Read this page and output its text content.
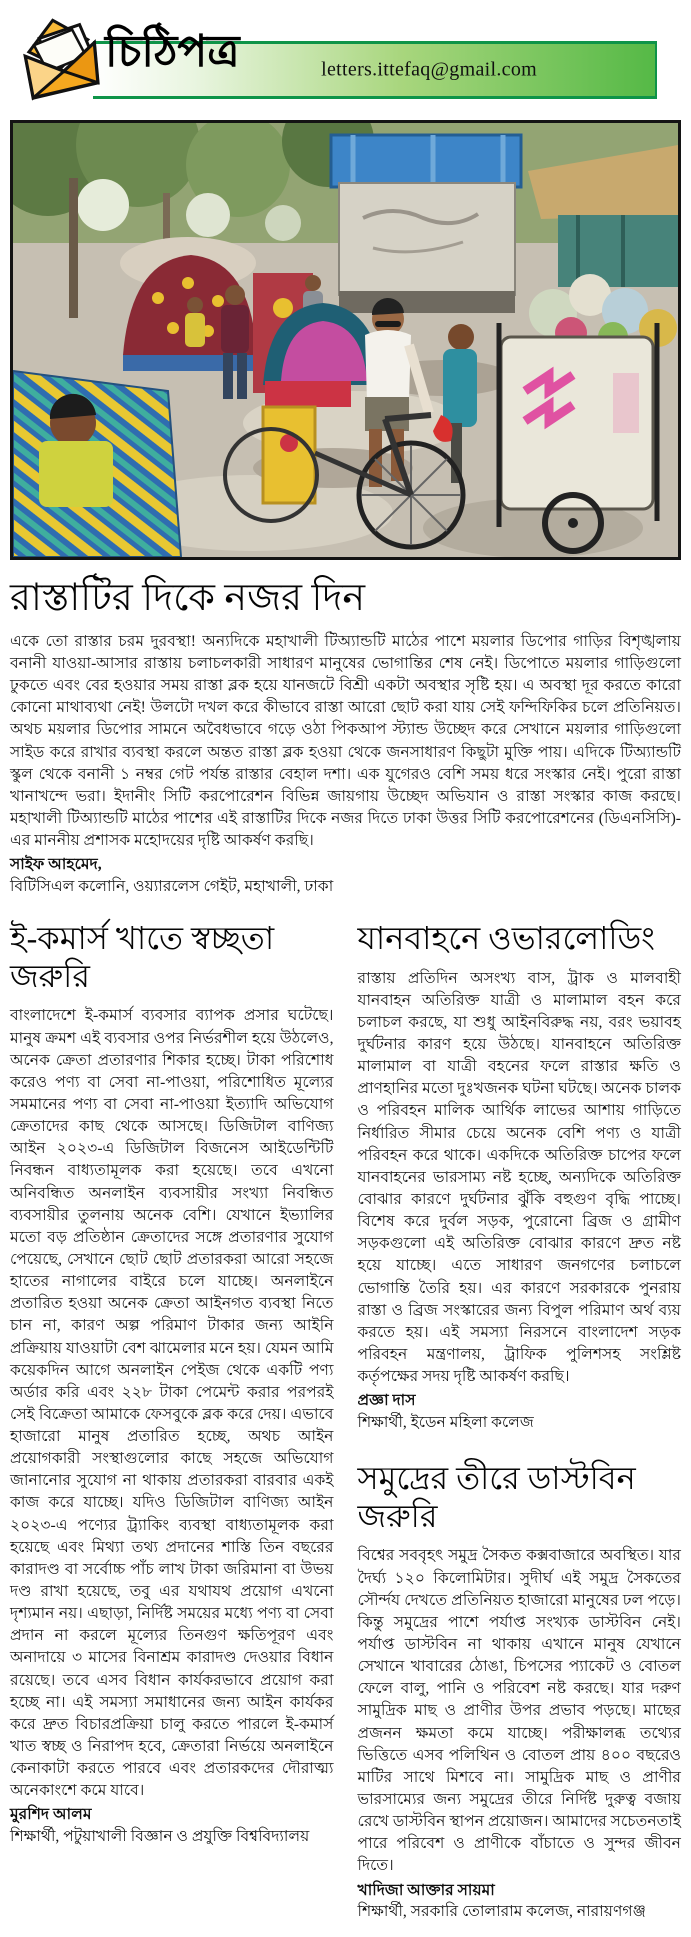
letters.ittefaq@gmail.com
চিঠিপত্র
রাস্তাটির দিকে নজর দিন

একে তো রাস্তার চরম দুরবস্থা! অন্যদিকে মহাখালী টিঅ্যান্ডটি মাঠের পাশে ময়লার ডিপোর গাড়ির বিশৃঙ্খলায় বনানী যাওয়া-আসার রাস্তায় চলাচলকারী সাধারণ মানুষের ভোগান্তির শেষ নেই। ডিপোতে ময়লার গাড়িগুলো ঢুকতে এবং বের হওয়ার সময় রাস্তা ব্লক হয়ে যানজটে বিশ্রী একটা অবস্থার সৃষ্টি হয়। এ অবস্থা দূর করতে কারো কোনো মাথাব্যথা নেই! উলটো দখল করে কীভাবে রাস্তা আরো ছোট করা যায় সেই ফন্দিফিকির চলে প্রতিনিয়ত। অথচ ময়লার ডিপোর সামনে অবৈধভাবে গড়ে ওঠা পিকআপ স্ট্যান্ড উচ্ছেদ করে সেখানে ময়লার গাড়িগুলো সাইড করে রাখার ব্যবস্থা করলে অন্তত রাস্তা ব্লক হওয়া থেকে জনসাধারণ কিছুটা মুক্তি পায়। এদিকে টিঅ্যান্ডটি স্কুল থেকে বনানী ১ নম্বর গেট পর্যন্ত রাস্তার বেহাল দশা। এক যুগেরও বেশি সময় ধরে সংস্কার নেই। পুরো রাস্তা খানাখন্দে ভরা। ইদানীং সিটি করপোরেশন বিভিন্ন জায়গায় উচ্ছেদ অভিযান ও রাস্তা সংস্কার কাজ করছে। মহাখালী টিঅ্যান্ডটি মাঠের পাশের এই রাস্তাটির দিকে নজর দিতে ঢাকা উত্তর সিটি করপোরেশনের (ডিএনসিসি)-এর মাননীয় প্রশাসক মহোদয়ের দৃষ্টি আকর্ষণ করছি।

সাইফ আহমেদ,

বিটিসিএল কলোনি, ওয়্যারলেস গেইট, মহাখালী, ঢাকা

ই-কমার্স খাতে স্বচ্ছতা জরুরি

বাংলাদেশে ই-কমার্স ব্যবসার ব্যাপক প্রসার ঘটেছে। মানুষ ক্রমশ এই ব্যবসার ওপর নির্ভরশীল হয়ে উঠলেও, অনেক ক্রেতা প্রতারণার শিকার হচ্ছে। টাকা পরিশোধ করেও পণ্য বা সেবা না-পাওয়া, পরিশোধিত মূল্যের সমমানের পণ্য বা সেবা না-পাওয়া ইত্যাদি অভিযোগ ক্রেতাদের কাছ থেকে আসছে। ডিজিটাল বাণিজ্য আইন ২০২৩-এ ডিজিটাল বিজনেস আইডেন্টিটি নিবন্ধন বাধ্যতামূলক করা হয়েছে। তবে এখনো অনিবন্ধিত অনলাইন ব্যবসায়ীর সংখ্যা নিবন্ধিত ব্যবসায়ীর তুলনায় অনেক বেশি। যেখানে ইভ্যালির মতো বড় প্রতিষ্ঠান ক্রেতাদের সঙ্গে প্রতারণার সুযোগ পেয়েছে, সেখানে ছোট ছোট প্রতারকরা আরো সহজে হাতের নাগালের বাইরে চলে যাচ্ছে। অনলাইনে প্রতারিত হওয়া অনেক ক্রেতা আইনগত ব্যবস্থা নিতে চান না, কারণ অল্প পরিমাণ টাকার জন্য আইনি প্রক্রিয়ায় যাওয়াটা বেশ ঝামেলার মনে হয়। যেমন আমি কয়েকদিন আগে অনলাইন পেইজ থেকে একটি পণ্য অর্ডার করি এবং ২২৮ টাকা পেমেন্ট করার পরপরই সেই বিক্রেতা আমাকে ফেসবুকে ব্লক করে দেয়। এভাবে হাজারো মানুষ প্রতারিত হচ্ছে, অথচ আইন প্রয়োগকারী সংস্থাগুলোর কাছে সহজে অভিযোগ জানানোর সুযোগ না থাকায় প্রতারকরা বারবার একই কাজ করে যাচ্ছে। যদিও ডিজিটাল বাণিজ্য আইন ২০২৩-এ পণ্যের ট্র্যাকিং ব্যবস্থা বাধ্যতামূলক করা হয়েছে এবং মিথ্যা তথ্য প্রদানের শাস্তি তিন বছরের কারাদণ্ড বা সর্বোচ্চ পাঁচ লাখ টাকা জরিমানা বা উভয় দণ্ড রাখা হয়েছে, তবু এর যথাযথ প্রয়োগ এখনো দৃশ্যমান নয়। এছাড়া, নির্দিষ্ট সময়ের মধ্যে পণ্য বা সেবা প্রদান না করলে মূল্যের তিনগুণ ক্ষতিপূরণ এবং অনাদায়ে ৩ মাসের বিনাশ্রম কারাদণ্ড দেওয়ার বিধান রয়েছে। তবে এসব বিধান কার্যকরভাবে প্রয়োগ করা হচ্ছে না। এই সমস্যা সমাধানের জন্য আইন কার্যকর করে দ্রুত বিচারপ্রক্রিয়া চালু করতে পারলে ই-কমার্স খাত স্বচ্ছ ও নিরাপদ হবে, ক্রেতারা নির্ভয়ে অনলাইনে কেনাকাটা করতে পারবে এবং প্রতারকদের দৌরাত্ম্য অনেকাংশে কমে যাবে।

মুরশিদ আলম

শিক্ষার্থী, পটুয়াখালী বিজ্ঞান ও প্রযুক্তি বিশ্ববিদ্যালয়

যানবাহনে ওভারলোডিং

রাস্তায় প্রতিদিন অসংখ্য বাস, ট্রাক ও মালবাহী যানবাহন অতিরিক্ত যাত্রী ও মালামাল বহন করে চলাচল করছে, যা শুধু আইনবিরুদ্ধ নয়, বরং ভয়াবহ দুর্ঘটনার কারণ হয়ে উঠছে। যানবাহনে অতিরিক্ত মালামাল বা যাত্রী বহনের ফলে রাস্তার ক্ষতি ও প্রাণহানির মতো দুঃখজনক ঘটনা ঘটছে। অনেক চালক ও পরিবহন মালিক আর্থিক লাভের আশায় গাড়িতে নির্ধারিত সীমার চেয়ে অনেক বেশি পণ্য ও যাত্রী পরিবহন করে থাকে। একদিকে অতিরিক্ত চাপের ফলে যানবাহনের ভারসাম্য নষ্ট হচ্ছে, অন্যদিকে অতিরিক্ত বোঝার কারণে দুর্ঘটনার ঝুঁকি বহুগুণ বৃদ্ধি পাচ্ছে। বিশেষ করে দুর্বল সড়ক, পুরোনো ব্রিজ ও গ্রামীণ সড়কগুলো এই অতিরিক্ত বোঝার কারণে দ্রুত নষ্ট হয়ে যাচ্ছে। এতে সাধারণ জনগণের চলাচলে ভোগান্তি তৈরি হয়। এর কারণে সরকারকে পুনরায় রাস্তা ও ব্রিজ সংস্কারের জন্য বিপুল পরিমাণ অর্থ ব্যয় করতে হয়। এই সমস্যা নিরসনে বাংলাদেশ সড়ক পরিবহন মন্ত্রণালয়, ট্রাফিক পুলিশসহ সংশ্লিষ্ট কর্তৃপক্ষের সদয় দৃষ্টি আকর্ষণ করছি।

প্রজ্ঞা দাস

শিক্ষার্থী, ইডেন মহিলা কলেজ

সমুদ্রের তীরে ডাস্টবিন জরুরি

বিশ্বের সববৃহৎ সমুদ্র সৈকত কক্সবাজারে অবস্থিত। যার দৈর্ঘ্য ১২০ কিলোমিটার। সুদীর্ঘ এই সমুদ্র সৈকতের সৌর্ন্দয দেখতে প্রতিনিয়ত হাজারো মানুষের ঢল পড়ে। কিন্তু সমুদ্রের পাশে পর্যাপ্ত সংখ্যক ডাস্টবিন নেই। পর্যাপ্ত ডাস্টবিন না থাকায় এখানে মানুষ যেখানে সেখানে খাবারের ঠোঙা, চিপসের প্যাকেট ও বোতল ফেলে বালু, পানি ও পরিবেশ নষ্ট করছে। যার দরুণ সামুদ্রিক মাছ ও প্রাণীর উপর প্রভাব পড়ছে। মাছের প্রজনন ক্ষমতা কমে যাচ্ছে। পরীক্ষালব্ধ তথ্যের ভিত্তিতে এসব পলিথিন ও বোতল প্রায় ৪০০ বছরেও মাটির সাথে মিশবে না। সামুদ্রিক মাছ ও প্রাণীর ভারসাম্যের জন্য সমুদ্রের তীরে নির্দিষ্ট দুরুত্ব বজায় রেখে ডাস্টবিন স্থাপন প্রয়োজন। আমাদের সচেতনতাই পারে পরিবেশ ও প্রাণীকে বাঁচাতে ও সুন্দর জীবন দিতে।

খাদিজা আক্তার সায়মা

শিক্ষার্থী, সরকারি তোলারাম কলেজ, নারায়ণগঞ্জ
